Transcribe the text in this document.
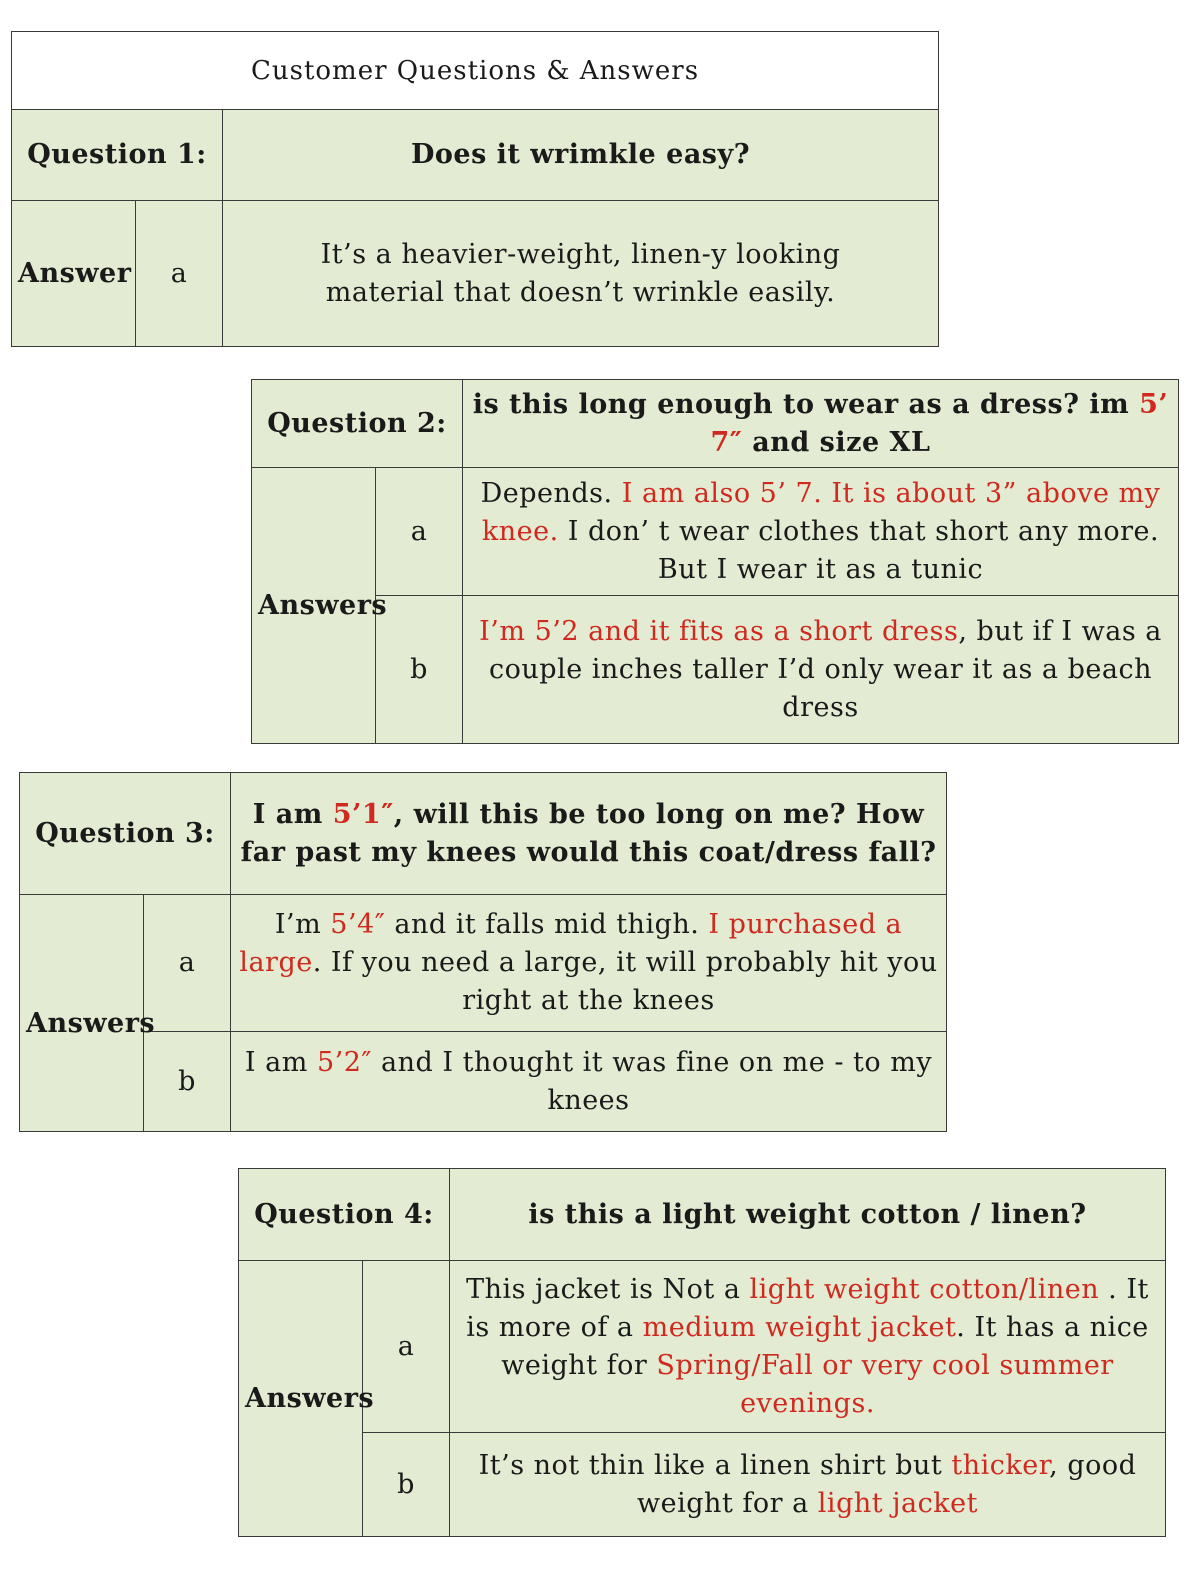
Customer Questions & Answers		
Question 1:		Does it wrimkle easy?
Answer	a	It’s a heavier-weight, linen-y looking material that doesn’t wrinkle easily.
Question 2:		is this long enough to wear as a dress? im 5’ 7″ and size XL
Answers	a	Depends. I am also 5’ 7. It is about 3” above my knee. I don’ t wear clothes that short any more. But I wear it as a tunic
	b	I’m 5’2 and it fits as a short dress, but if I was a couple inches taller I’d only wear it as a beach dress
Question 3:		I am 5’1″, will this be too long on me? How far past my knees would this coat/dress fall?
Answers	a	I’m 5’4″ and it falls mid thigh. I purchased a large. If you need a large, it will probably hit you right at the knees
	b	I am 5’2″ and I thought it was fine on me - to my knees
Question 4:		is this a light weight cotton / linen?
Answers	a	This jacket is Not a light weight cotton/linen . It is more of a medium weight jacket. It has a nice weight for Spring/Fall or very cool summer evenings.
	b	It’s not thin like a linen shirt but thicker, good weight for a light jacket
